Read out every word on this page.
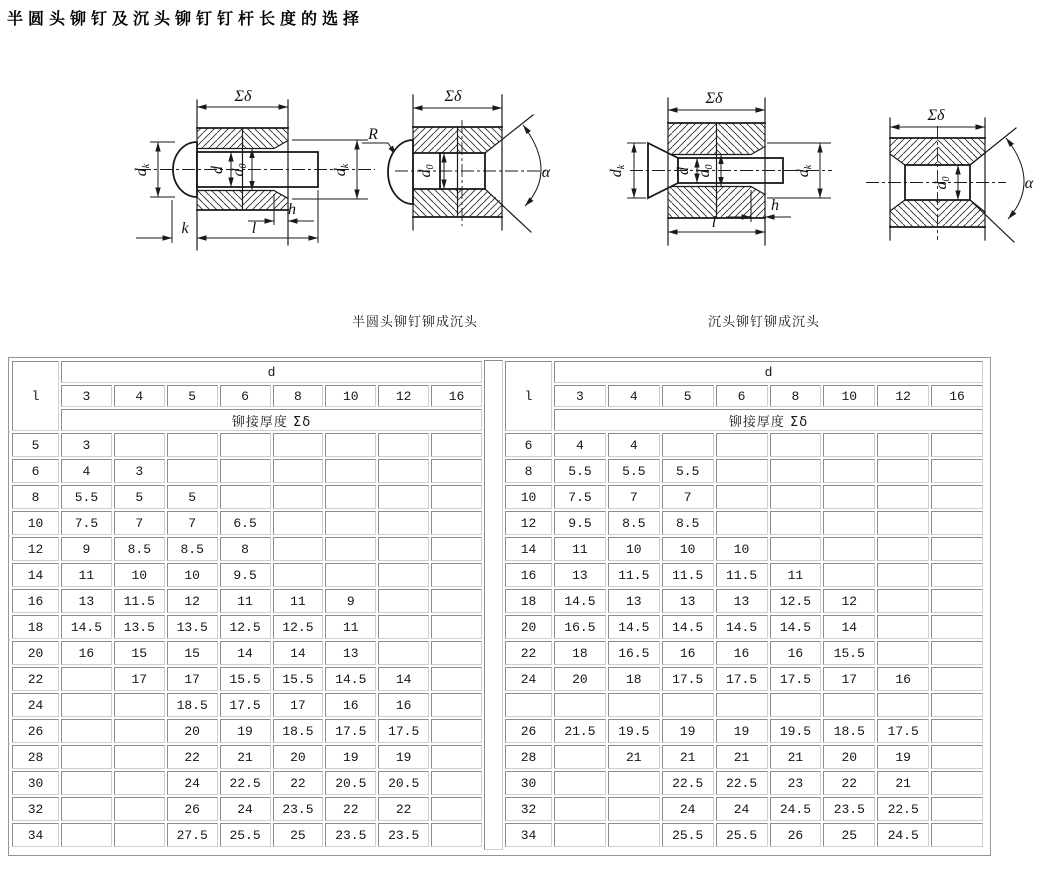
半圆头铆钉及沉头铆钉钉杆长度的选择
Σδ
dk	d d0
dk
h
k	l
R
Σδ
d0	α
Σδ
dk	d d0
dk
h
l
Σδ
d0	α
半圆头铆钉铆成沉头	沉头铆钉铆成沉头
l	d							
	3	4	5	6	8	10	12	16
	铆接厚度 Σδ							
5	3							
6	4	3						
8	5.5	5	5					
10	7.5	7	7	6.5				
12	9	8.5	8.5	8				
14	11	10	10	9.5				
16	13	11.5	12	11	11	9		
18	14.5	13.5	13.5	12.5	12.5	11		
20	16	15	15	14	14	13		
22		17	17	15.5	15.5	14.5	14	
24			18.5	17.5	17	16	16	
26			20	19	18.5	17.5	17.5	
28			22	21	20	19	19	
30			24	22.5	22	20.5	20.5	
32			26	24	23.5	22	22	
34			27.5	25.5	25	23.5	23.5	
l	d							
	3	4	5	6	8	10	12	16
	铆接厚度 Σδ							
6	4	4						
8	5.5	5.5	5.5					
10	7.5	7	7					
12	9.5	8.5	8.5					
14	11	10	10	10				
16	13	11.5	11.5	11.5	11			
18	14.5	13	13	13	12.5	12		
20	16.5	14.5	14.5	14.5	14.5	14		
22	18	16.5	16	16	16	15.5		
24	20	18	17.5	17.5	17.5	17	16	

26	21.5	19.5	19	19	19.5	18.5	17.5	
28		21	21	21	21	20	19	
30			22.5	22.5	23	22	21	
32			24	24	24.5	23.5	22.5	
34			25.5	25.5	26	25	24.5	
